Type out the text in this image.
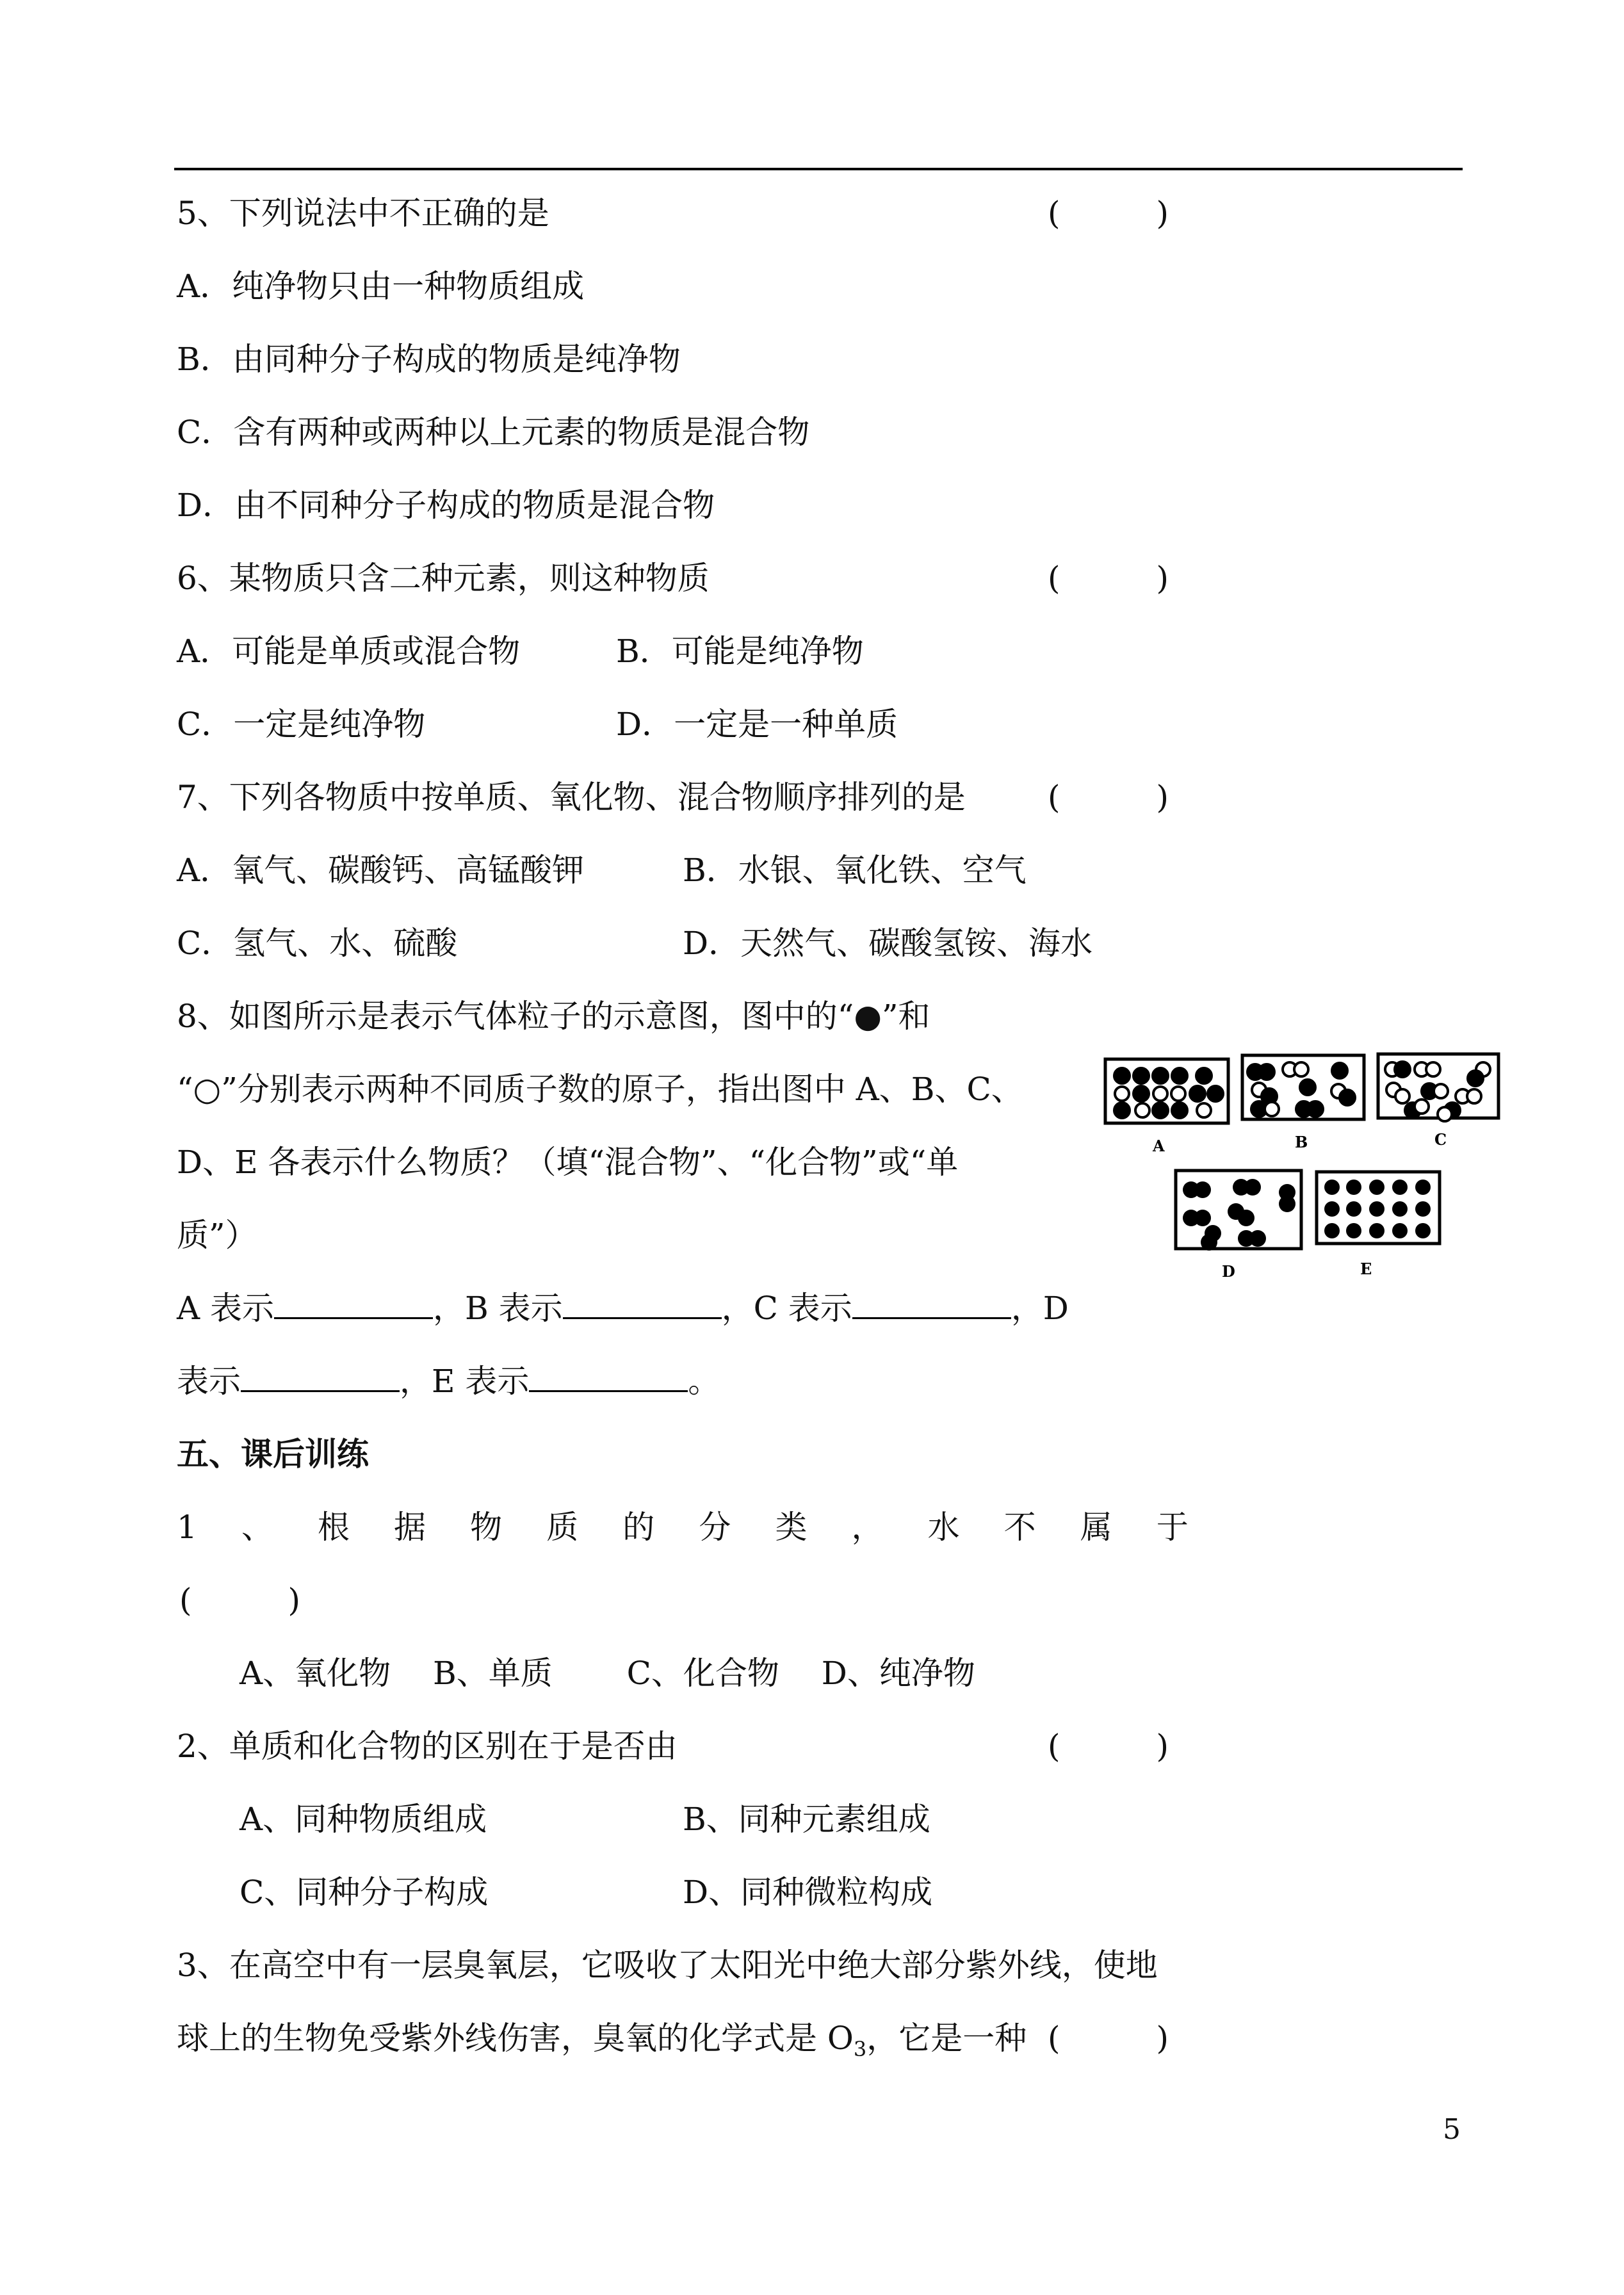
5、下列说法中不正确的是	(　　　)
A．纯净物只由一种物质组成
B．由同种分子构成的物质是纯净物
C．含有两种或两种以上元素的物质是混合物
D．由不同种分子构成的物质是混合物
6、某物质只含二种元素，则这种物质	(　　　)
A．可能是单质或混合物	B．可能是纯净物
C．一定是纯净物	D．一定是一种单质
7、下列各物质中按单质、氧化物、混合物顺序排列的是	(　　　)
A．氧气、碳酸钙、高锰酸钾	B．水银、氧化铁、空气
C．氢气、水、硫酸	D．天然气、碳酸氢铵、海水
8、如图所示是表示气体粒子的示意图，图中的“●”和
“○”分别表示两种不同质子数的原子，指出图中 A、B、C、
D、E 各表示什么物质？（填“混合物”、“化合物”或“单
质”）
A 表示	，B 表示	，C 表示	，D
表示	，E 表示	。
A	B	C
D	E
五、课后训练
1 、 根 据 物 质 的 分 类 ， 水 不 属 于
(　　　)
A、氧化物　 B、单质　　 C、化合物　 D、纯净物
2、单质和化合物的区别在于是否由	(　　　)
A、同种物质组成	B、同种元素组成
C、同种分子构成	D、同种微粒构成
3、在高空中有一层臭氧层，它吸收了太阳光中绝大部分紫外线，使地
球上的生物免受紫外线伤害，臭氧的化学式是 $O_3$，它是一种 (　　　)
5
